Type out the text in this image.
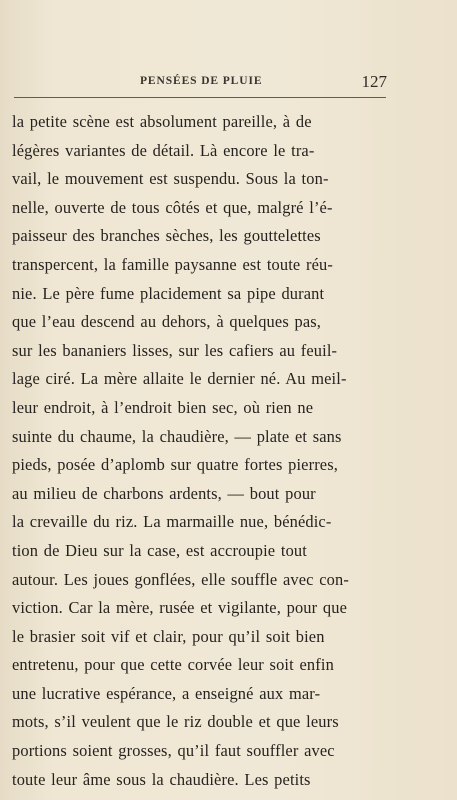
PENSÉES DE PLUIE	127
la petite scène est absolument pareille, à de
légères variantes de détail. Là encore le tra-
vail, le mouvement est suspendu. Sous la ton-
nelle, ouverte de tous côtés et que, malgré l’é-
paisseur des branches sèches, les gouttelettes
transpercent, la famille paysanne est toute réu-
nie. Le père fume placidement sa pipe durant
que l’eau descend au dehors, à quelques pas,
sur les bananiers lisses, sur les cafiers au feuil-
lage ciré. La mère allaite le dernier né. Au meil-
leur endroit, à l’endroit bien sec, où rien ne
suinte du chaume, la chaudière, — plate et sans
pieds, posée d’aplomb sur quatre fortes pierres,
au milieu de charbons ardents, — bout pour
la crevaille du riz. La marmaille nue, bénédic-
tion de Dieu sur la case, est accroupie tout
autour. Les joues gonflées, elle souffle avec con-
viction. Car la mère, rusée et vigilante, pour que
le brasier soit vif et clair, pour qu’il soit bien
entretenu, pour que cette corvée leur soit enfin
une lucrative espérance, a enseigné aux mar-
mots, s’il veulent que le riz double et que leurs
portions soient grosses, qu’il faut souffler avec
toute leur âme sous la chaudière. Les petits
